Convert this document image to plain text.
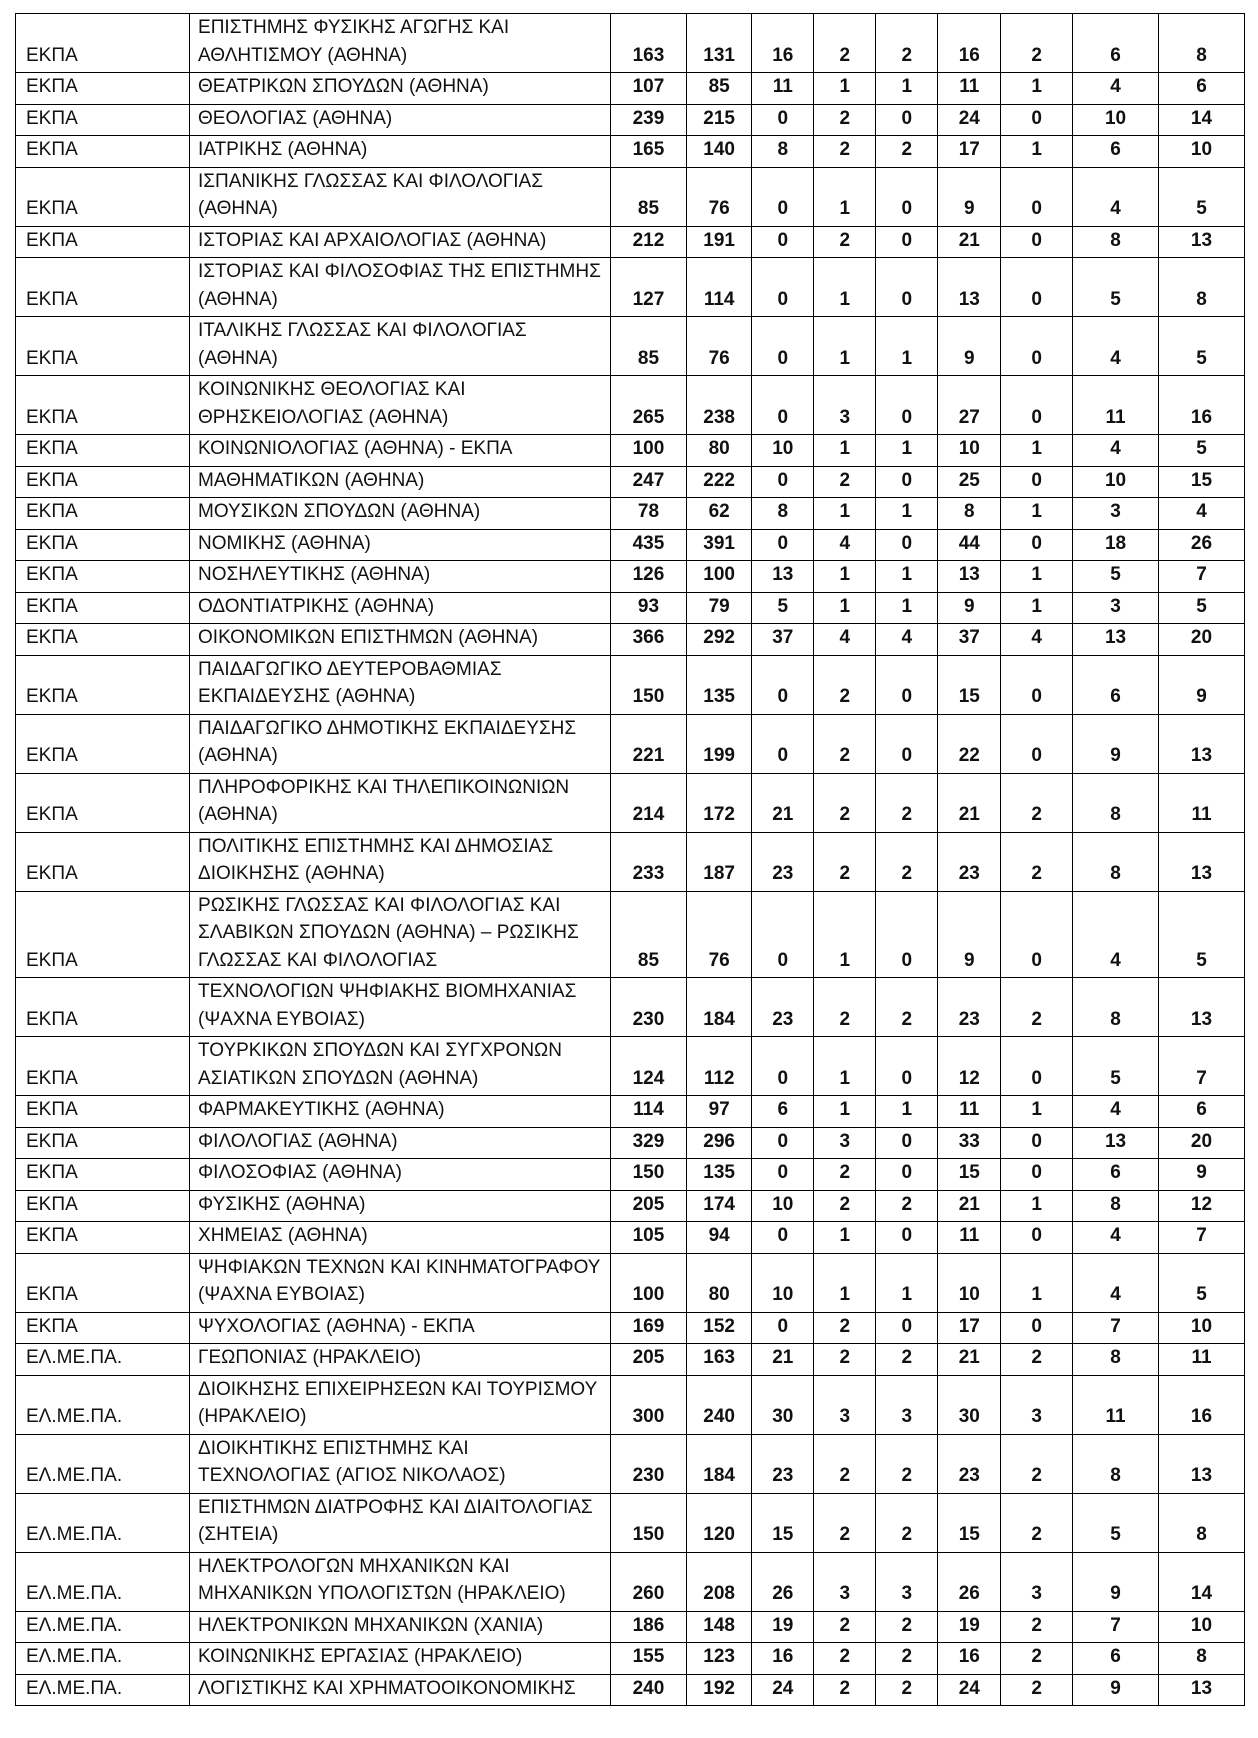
ΕΚΠΑ	ΕΠΙΣΤΗΜΗΣ ΦΥΣΙΚΗΣ ΑΓΩΓΗΣ ΚΑΙ ΑΘΛΗΤΙΣΜΟΥ (ΑΘΗΝΑ)	163	131	16	2	2	16	2	6	8
ΕΚΠΑ	ΘΕΑΤΡΙΚΩΝ ΣΠΟΥΔΩΝ (ΑΘΗΝΑ)	107	85	11	1	1	11	1	4	6
ΕΚΠΑ	ΘΕΟΛΟΓΙΑΣ (ΑΘΗΝΑ)	239	215	0	2	0	24	0	10	14
ΕΚΠΑ	ΙΑΤΡΙΚΗΣ (ΑΘΗΝΑ)	165	140	8	2	2	17	1	6	10
ΕΚΠΑ	ΙΣΠΑΝΙΚΗΣ ΓΛΩΣΣΑΣ ΚΑΙ ΦΙΛΟΛΟΓΙΑΣ (ΑΘΗΝΑ)	85	76	0	1	0	9	0	4	5
ΕΚΠΑ	ΙΣΤΟΡΙΑΣ ΚΑΙ ΑΡΧΑΙΟΛΟΓΙΑΣ (ΑΘΗΝΑ)	212	191	0	2	0	21	0	8	13
ΕΚΠΑ	ΙΣΤΟΡΙΑΣ ΚΑΙ ΦΙΛΟΣΟΦΙΑΣ ΤΗΣ ΕΠΙΣΤΗΜΗΣ (ΑΘΗΝΑ)	127	114	0	1	0	13	0	5	8
ΕΚΠΑ	ΙΤΑΛΙΚΗΣ ΓΛΩΣΣΑΣ ΚΑΙ ΦΙΛΟΛΟΓΙΑΣ (ΑΘΗΝΑ)	85	76	0	1	1	9	0	4	5
ΕΚΠΑ	ΚΟΙΝΩΝΙΚΗΣ ΘΕΟΛΟΓΙΑΣ ΚΑΙ ΘΡΗΣΚΕΙΟΛΟΓΙΑΣ (ΑΘΗΝΑ)	265	238	0	3	0	27	0	11	16
ΕΚΠΑ	ΚΟΙΝΩΝΙΟΛΟΓΙΑΣ (ΑΘΗΝΑ) - ΕΚΠΑ	100	80	10	1	1	10	1	4	5
ΕΚΠΑ	ΜΑΘΗΜΑΤΙΚΩΝ (ΑΘΗΝΑ)	247	222	0	2	0	25	0	10	15
ΕΚΠΑ	ΜΟΥΣΙΚΩΝ ΣΠΟΥΔΩΝ (ΑΘΗΝΑ)	78	62	8	1	1	8	1	3	4
ΕΚΠΑ	ΝΟΜΙΚΗΣ (ΑΘΗΝΑ)	435	391	0	4	0	44	0	18	26
ΕΚΠΑ	ΝΟΣΗΛΕΥΤΙΚΗΣ (ΑΘΗΝΑ)	126	100	13	1	1	13	1	5	7
ΕΚΠΑ	ΟΔΟΝΤΙΑΤΡΙΚΗΣ (ΑΘΗΝΑ)	93	79	5	1	1	9	1	3	5
ΕΚΠΑ	ΟΙΚΟΝΟΜΙΚΩΝ ΕΠΙΣΤΗΜΩΝ (ΑΘΗΝΑ)	366	292	37	4	4	37	4	13	20
ΕΚΠΑ	ΠΑΙΔΑΓΩΓΙΚΟ ΔΕΥΤΕΡΟΒΑΘΜΙΑΣ ΕΚΠΑΙΔΕΥΣΗΣ (ΑΘΗΝΑ)	150	135	0	2	0	15	0	6	9
ΕΚΠΑ	ΠΑΙΔΑΓΩΓΙΚΟ ΔΗΜΟΤΙΚΗΣ ΕΚΠΑΙΔΕΥΣΗΣ (ΑΘΗΝΑ)	221	199	0	2	0	22	0	9	13
ΕΚΠΑ	ΠΛΗΡΟΦΟΡΙΚΗΣ ΚΑΙ ΤΗΛΕΠΙΚΟΙΝΩΝΙΩΝ (ΑΘΗΝΑ)	214	172	21	2	2	21	2	8	11
ΕΚΠΑ	ΠΟΛΙΤΙΚΗΣ ΕΠΙΣΤΗΜΗΣ ΚΑΙ ΔΗΜΟΣΙΑΣ ΔΙΟΙΚΗΣΗΣ (ΑΘΗΝΑ)	233	187	23	2	2	23	2	8	13
ΕΚΠΑ	ΡΩΣΙΚΗΣ ΓΛΩΣΣΑΣ ΚΑΙ ΦΙΛΟΛΟΓΙΑΣ ΚΑΙ ΣΛΑΒΙΚΩΝ ΣΠΟΥΔΩΝ (ΑΘΗΝΑ) – ΡΩΣΙΚΗΣ ΓΛΩΣΣΑΣ ΚΑΙ ΦΙΛΟΛΟΓΙΑΣ	85	76	0	1	0	9	0	4	5
ΕΚΠΑ	ΤΕΧΝΟΛΟΓΙΩΝ ΨΗΦΙΑΚΗΣ ΒΙΟΜΗΧΑΝΙΑΣ (ΨΑΧΝΑ ΕΥΒΟΙΑΣ)	230	184	23	2	2	23	2	8	13
ΕΚΠΑ	ΤΟΥΡΚΙΚΩΝ ΣΠΟΥΔΩΝ ΚΑΙ ΣΥΓΧΡΟΝΩΝ ΑΣΙΑΤΙΚΩΝ ΣΠΟΥΔΩΝ (ΑΘΗΝΑ)	124	112	0	1	0	12	0	5	7
ΕΚΠΑ	ΦΑΡΜΑΚΕΥΤΙΚΗΣ (ΑΘΗΝΑ)	114	97	6	1	1	11	1	4	6
ΕΚΠΑ	ΦΙΛΟΛΟΓΙΑΣ (ΑΘΗΝΑ)	329	296	0	3	0	33	0	13	20
ΕΚΠΑ	ΦΙΛΟΣΟΦΙΑΣ (ΑΘΗΝΑ)	150	135	0	2	0	15	0	6	9
ΕΚΠΑ	ΦΥΣΙΚΗΣ (ΑΘΗΝΑ)	205	174	10	2	2	21	1	8	12
ΕΚΠΑ	ΧΗΜΕΙΑΣ (ΑΘΗΝΑ)	105	94	0	1	0	11	0	4	7
ΕΚΠΑ	ΨΗΦΙΑΚΩΝ ΤΕΧΝΩΝ ΚΑΙ ΚΙΝΗΜΑΤΟΓΡΑΦΟΥ (ΨΑΧΝΑ ΕΥΒΟΙΑΣ)	100	80	10	1	1	10	1	4	5
ΕΚΠΑ	ΨΥΧΟΛΟΓΙΑΣ (ΑΘΗΝΑ) - ΕΚΠΑ	169	152	0	2	0	17	0	7	10
ΕΛ.ΜΕ.ΠΑ.	ΓΕΩΠΟΝΙΑΣ (ΗΡΑΚΛΕΙΟ)	205	163	21	2	2	21	2	8	11
ΕΛ.ΜΕ.ΠΑ.	ΔΙΟΙΚΗΣΗΣ ΕΠΙΧΕΙΡΗΣΕΩΝ ΚΑΙ ΤΟΥΡΙΣΜΟΥ (ΗΡΑΚΛΕΙΟ)	300	240	30	3	3	30	3	11	16
ΕΛ.ΜΕ.ΠΑ.	ΔΙΟΙΚΗΤΙΚΗΣ ΕΠΙΣΤΗΜΗΣ ΚΑΙ ΤΕΧΝΟΛΟΓΙΑΣ (ΑΓΙΟΣ ΝΙΚΟΛΑΟΣ)	230	184	23	2	2	23	2	8	13
ΕΛ.ΜΕ.ΠΑ.	ΕΠΙΣΤΗΜΩΝ ΔΙΑΤΡΟΦΗΣ ΚΑΙ ΔΙΑΙΤΟΛΟΓΙΑΣ (ΣΗΤΕΙΑ)	150	120	15	2	2	15	2	5	8
ΕΛ.ΜΕ.ΠΑ.	ΗΛΕΚΤΡΟΛΟΓΩΝ ΜΗΧΑΝΙΚΩΝ ΚΑΙ ΜΗΧΑΝΙΚΩΝ ΥΠΟΛΟΓΙΣΤΩΝ (ΗΡΑΚΛΕΙΟ)	260	208	26	3	3	26	3	9	14
ΕΛ.ΜΕ.ΠΑ.	ΗΛΕΚΤΡΟΝΙΚΩΝ ΜΗΧΑΝΙΚΩΝ (ΧΑΝΙΑ)	186	148	19	2	2	19	2	7	10
ΕΛ.ΜΕ.ΠΑ.	ΚΟΙΝΩΝΙΚΗΣ ΕΡΓΑΣΙΑΣ (ΗΡΑΚΛΕΙΟ)	155	123	16	2	2	16	2	6	8
ΕΛ.ΜΕ.ΠΑ.	ΛΟΓΙΣΤΙΚΗΣ ΚΑΙ ΧΡΗΜΑΤΟΟΙΚΟΝΟΜΙΚΗΣ	240	192	24	2	2	24	2	9	13
